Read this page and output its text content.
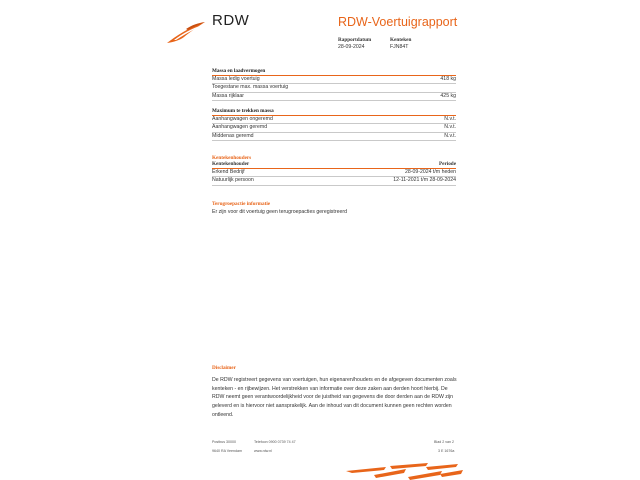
RDW	RDW-Voertuigrapport
Rapportdatum
28-09-2024
Kenteken
FJN84T
Massa en laadvermogen
Massa ledig voertuig	418 kg
Toegestane max. massa voertuig
Massa rijklaar	425 kg
Maximum te trekken massa
Aanhangwagen ongeremd	N.v.t.
Aanhangwagen geremd	N.v.t.
Middenas geremd	N.v.t.
Kentekenhouders
Kentekenhouder	Periode
Erkend Bedrijf	28-09-2024 t/m heden
Natuurlijk persoon	12-11-2021 t/m 28-09-2024
Terugroepactie informatie
Er zijn voor dit voertuig geen terugroepacties geregistreerd
Disclaimer
De RDW registreert gegevens van voertuigen, hun eigenaren/houders en de afgegeven documenten zoals kenteken - en rijbewijzen. Het verstrekken van informatie over deze zaken aan derden hoort hierbij. De RDW neemt geen verantwoordelijkheid voor de juistheid van gegevens die door derden aan de RDW zijn geleverd en is hiervoor niet aansprakelijk. Aan de inhoud van dit document kunnen geen rechten worden ontleend.
Postbus 30000
9640 RA Veendam
Telefoon 0900 0739 74 47
www.rdw.nl
Blad 2 van 2
3 E 1676a
